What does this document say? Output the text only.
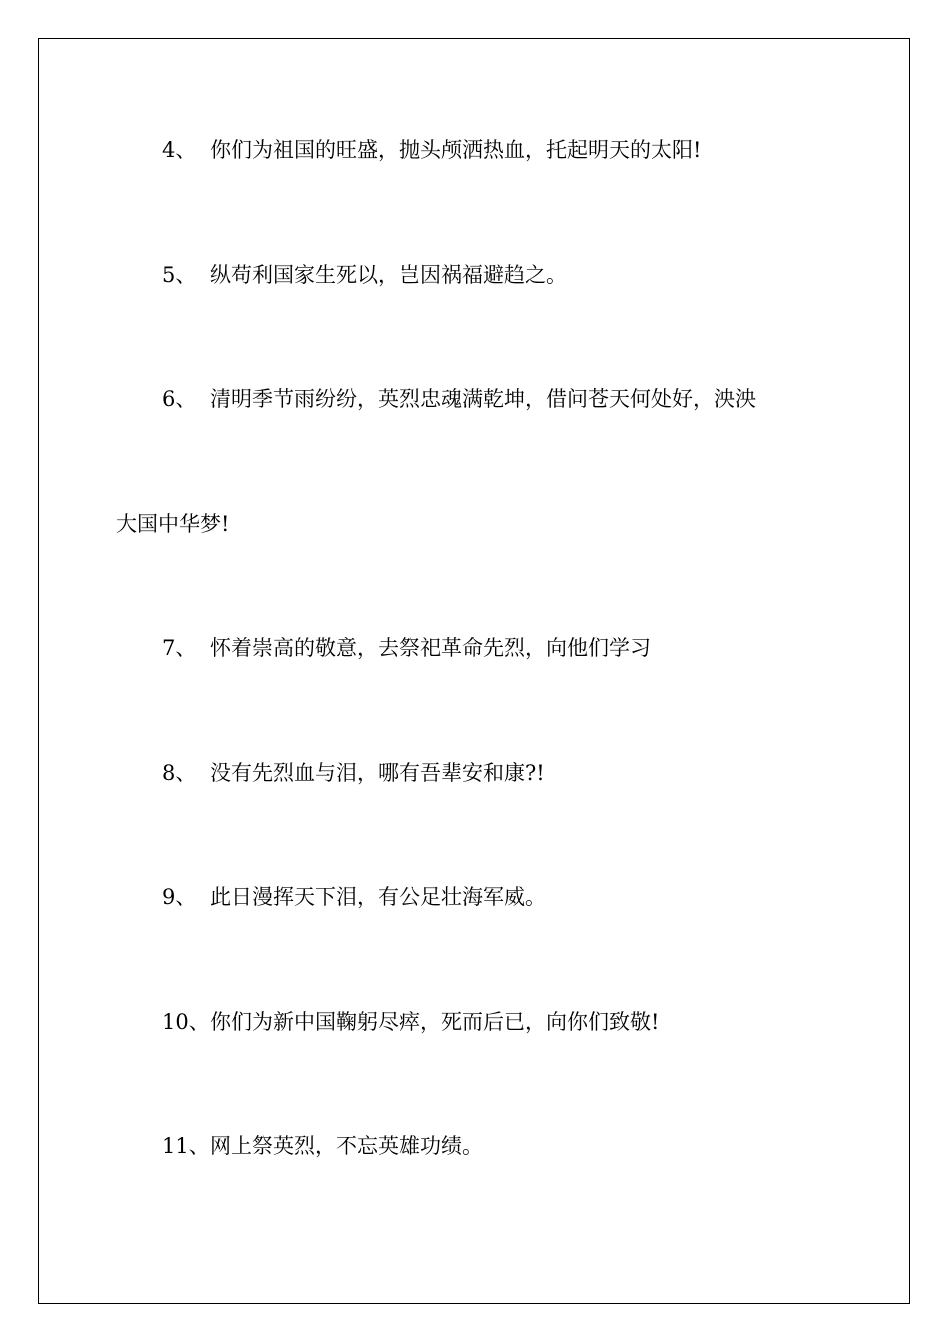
4、 你们为祖国的旺盛，抛头颅洒热血，托起明天的太阳!

5、 纵苟利国家生死以，岂因祸福避趋之。

6、 清明季节雨纷纷，英烈忠魂满乾坤，借问苍天何处好，泱泱

大国中华梦!

7、 怀着崇高的敬意，去祭祀革命先烈，向他们学习

8、 没有先烈血与泪，哪有吾辈安和康?!

9、 此日漫挥天下泪，有公足壮海军威。

10、你们为新中国鞠躬尽瘁，死而后已，向你们致敬!

11、网上祭英烈，不忘英雄功绩。
